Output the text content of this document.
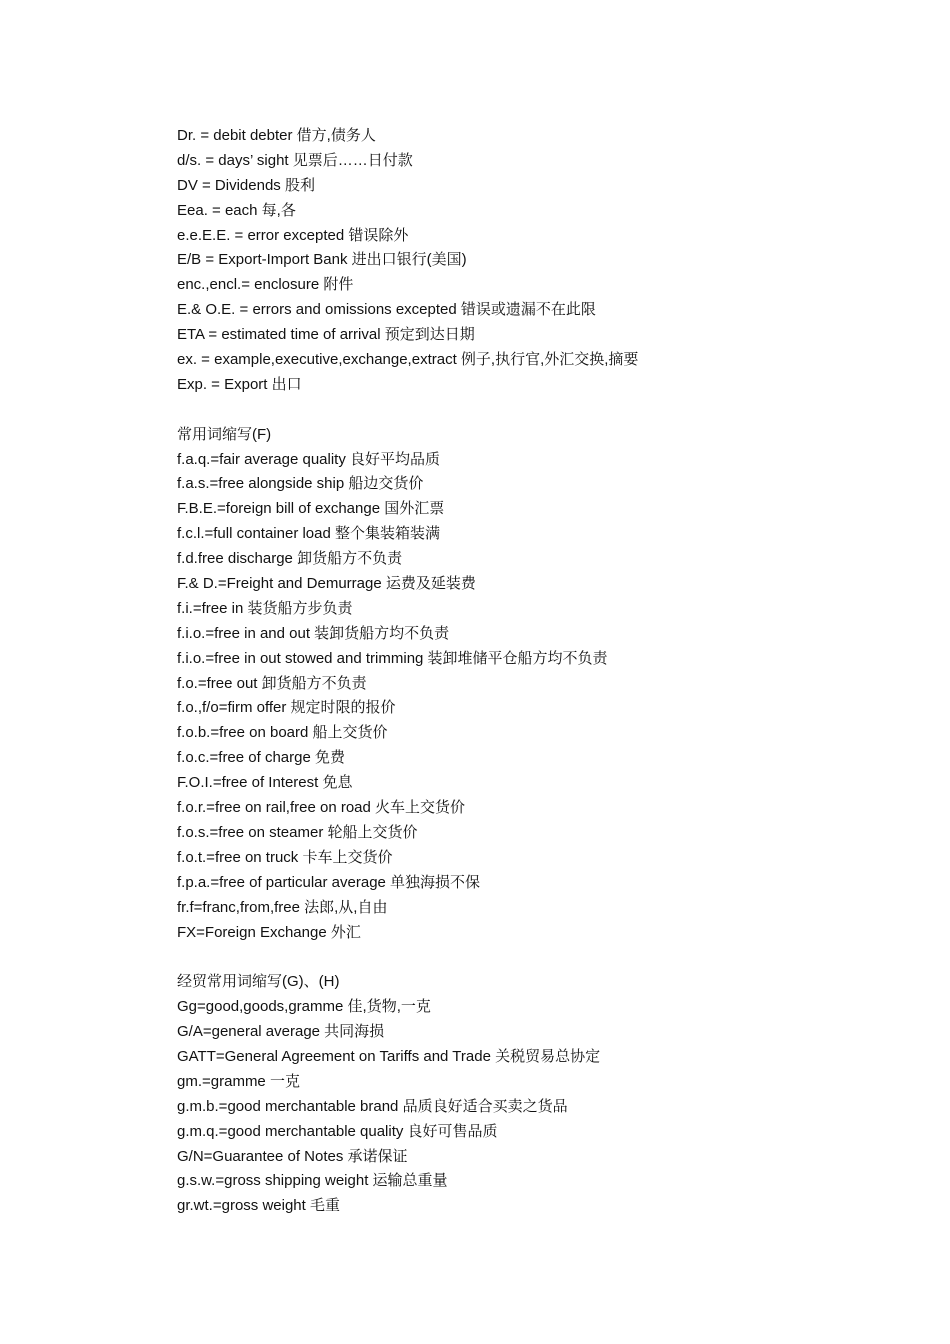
Dr. = debit debter 借方,债务人
d/s. = days’ sight 见票后……日付款
DV = Dividends 股利
Eea. = each 每,各
e.e.E.E. = error excepted 错误除外
E/B = Export-Import Bank 进出口银行(美国)
enc.,encl.= enclosure 附件
E.& O.E. = errors and omissions excepted 错误或遗漏不在此限
ETA = estimated time of arrival 预定到达日期
ex. = example,executive,exchange,extract 例子,执行官,外汇交换,摘要
Exp. = Export 出口
常用词缩写(F)
f.a.q.=fair average quality 良好平均品质
f.a.s.=free alongside ship 船边交货价
F.B.E.=foreign bill of exchange 国外汇票
f.c.l.=full container load 整个集装箱装满
f.d.free discharge 卸货船方不负责
F.& D.=Freight and Demurrage 运费及延装费
f.i.=free in 装货船方步负责
f.i.o.=free in and out 装卸货船方均不负责
f.i.o.=free in out stowed and trimming 装卸堆储平仓船方均不负责
f.o.=free out 卸货船方不负责
f.o.,f/o=firm offer 规定时限的报价
f.o.b.=free on board 船上交货价
f.o.c.=free of charge 免费
F.O.I.=free of Interest 免息
f.o.r.=free on rail,free on road 火车上交货价
f.o.s.=free on steamer 轮船上交货价
f.o.t.=free on truck 卡车上交货价
f.p.a.=free of particular average 单独海损不保
fr.f=franc,from,free 法郎,从,自由
FX=Foreign Exchange 外汇
经贸常用词缩写(G)、(H)
Gg=good,goods,gramme 佳,货物,一克
G/A=general average 共同海损
GATT=General Agreement on Tariffs and Trade 关税贸易总协定
gm.=gramme 一克
g.m.b.=good merchantable brand 品质良好适合买卖之货品
g.m.q.=good merchantable quality 良好可售品质
G/N=Guarantee of Notes 承诺保证
g.s.w.=gross shipping weight 运输总重量
gr.wt.=gross weight 毛重
